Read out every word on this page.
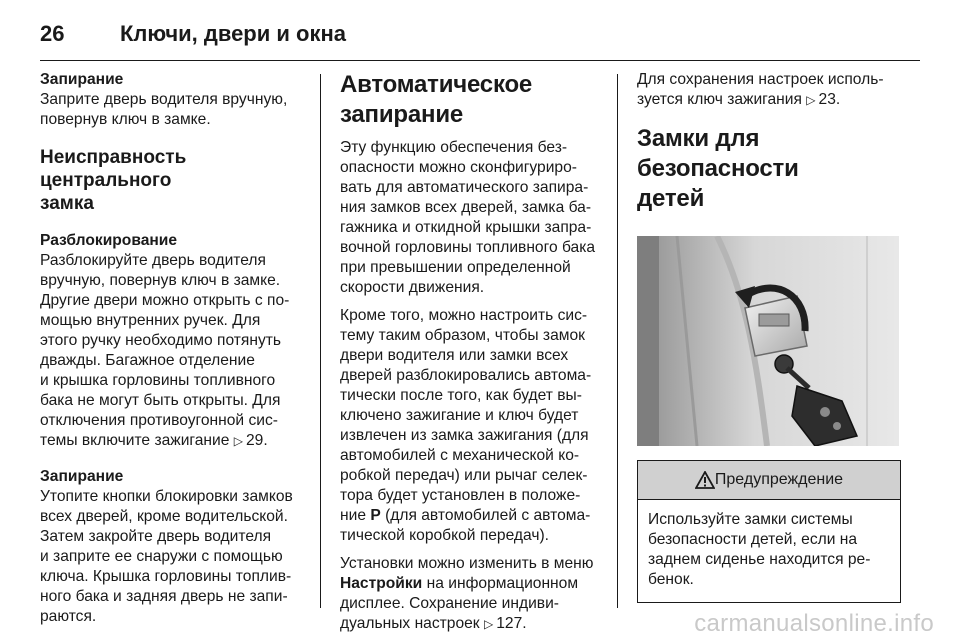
26	Ключи, двери и окна

Запирание

Заприте дверь водителя вручную,

повернув ключ в замке.

Неисправность центрального

замка

Разблокирование

Разблокируйте дверь водителя

вручную, повернув ключ в замке.

Другие двери можно открыть с по-

мощью внутренних ручек. Для

этого ручку необходимо потянуть

дважды. Багажное отделение

и крышка горловины топливного

бака не могут быть открыты. Для

отключения противоугонной сис-

темы включите зажигание ▷ 29.

Запирание

Утопите кнопки блокировки замков

всех дверей, кроме водительской.

Затем закройте дверь водителя

и заприте ее снаружи с помощью

ключа. Крышка горловины топлив-

ного бака и задняя дверь не запи-

раются.

Автоматическое

запирание

Эту функцию обеспечения без-

опасности можно сконфигуриро-

вать для автоматического запира-

ния замков всех дверей, замка ба-

гажника и откидной крышки запра-

вочной горловины топливного бака

при превышении определенной

скорости движения.

Кроме того, можно настроить сис-

тему таким образом, чтобы замок

двери водителя или замки всех

дверей разблокировались автома-

тически после того, как будет вы-

ключено зажигание и ключ будет

извлечен из замка зажигания (для

автомобилей с механической ко-

робкой передач) или рычаг селек-

тора будет установлен в положе-

ние P (для автомобилей с автома-

тической коробкой передач).

Установки можно изменить в меню

Настройки на информационном

дисплее. Сохранение индиви-

дуальных настроек ▷ 127.

Для сохранения настроек исполь-

зуется ключ зажигания ▷ 23.

Замки для безопасности

детей

Предупреждение

Используйте замки системы

безопасности детей, если на

заднем сиденье находится ре-

бенок.

carmanualsonline.info
